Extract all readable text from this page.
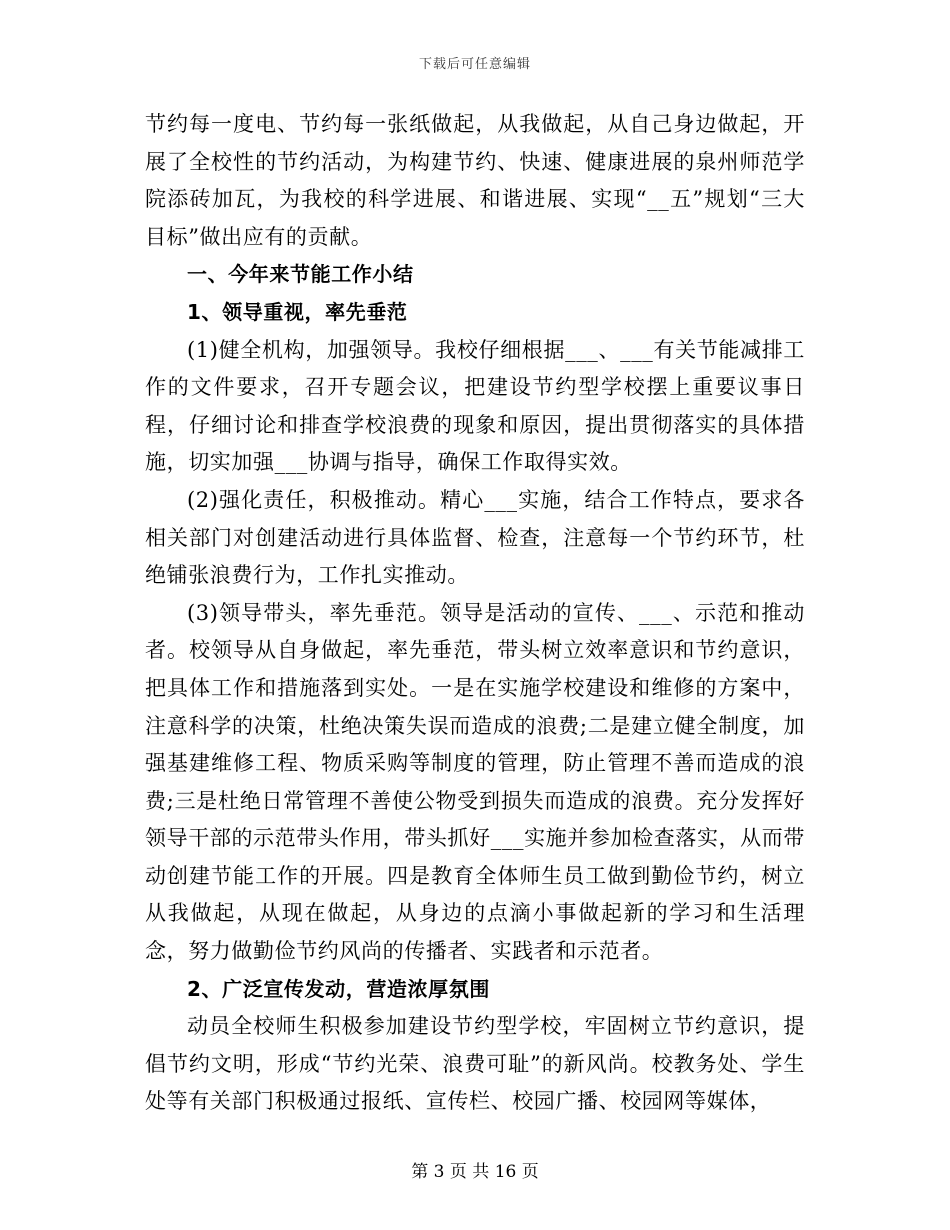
下载后可任意编辑

节约每一度电、节约每一张纸做起，从我做起，从自己身边做起，开展了全校性的节约活动，为构建节约、快速、健康进展的泉州师范学院添砖加瓦，为我校的科学进展、和谐进展、实现“__五”规划“三大目标”做出应有的贡献。

一、今年来节能工作小结

1、领导重视，率先垂范

(1)健全机构，加强领导。我校仔细根据___、___有关节能减排工作的文件要求，召开专题会议，把建设节约型学校摆上重要议事日程，仔细讨论和排查学校浪费的现象和原因，提出贯彻落实的具体措施，切实加强___协调与指导，确保工作取得实效。

(2)强化责任，积极推动。精心___实施，结合工作特点，要求各相关部门对创建活动进行具体监督、检查，注意每一个节约环节，杜绝铺张浪费行为，工作扎实推动。

(3)领导带头，率先垂范。领导是活动的宣传、___、示范和推动者。校领导从自身做起，率先垂范，带头树立效率意识和节约意识，把具体工作和措施落到实处。一是在实施学校建设和维修的方案中，注意科学的决策，杜绝决策失误而造成的浪费;二是建立健全制度，加强基建维修工程、物质采购等制度的管理，防止管理不善而造成的浪费;三是杜绝日常管理不善使公物受到损失而造成的浪费。充分发挥好领导干部的示范带头作用，带头抓好___实施并参加检查落实，从而带动创建节能工作的开展。四是教育全体师生员工做到勤俭节约，树立从我做起，从现在做起，从身边的点滴小事做起新的学习和生活理念，努力做勤俭节约风尚的传播者、实践者和示范者。

2、广泛宣传发动，营造浓厚氛围

动员全校师生积极参加建设节约型学校，牢固树立节约意识，提倡节约文明，形成“节约光荣、浪费可耻”的新风尚。校教务处、学生处等有关部门积极通过报纸、宣传栏、校园广播、校园网等媒体，

第 3 页 共 16 页
